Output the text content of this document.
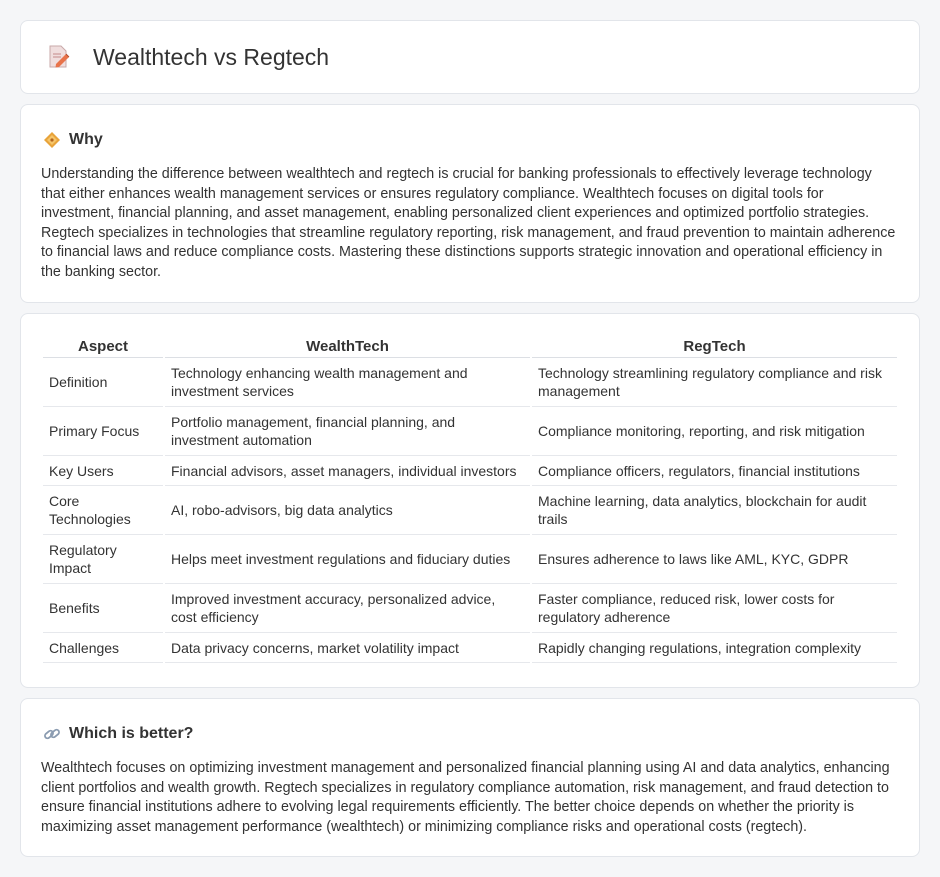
Wealthtech vs Regtech
Why

Understanding the difference between wealthtech and regtech is crucial for banking professionals to effectively leverage technology that either enhances wealth management services or ensures regulatory compliance. Wealthtech focuses on digital tools for investment, financial planning, and asset management, enabling personalized client experiences and optimized portfolio strategies. Regtech specializes in technologies that streamline regulatory reporting, risk management, and fraud prevention to maintain adherence to financial laws and reduce compliance costs. Mastering these distinctions supports strategic innovation and operational efficiency in the banking sector.

Aspect	WealthTech	RegTech
Definition	Technology enhancing wealth management and investment services	Technology streamlining regulatory compliance and risk management
Primary Focus	Portfolio management, financial planning, and investment automation	Compliance monitoring, reporting, and risk mitigation
Key Users	Financial advisors, asset managers, individual investors	Compliance officers, regulators, financial institutions
Core Technologies	AI, robo-advisors, big data analytics	Machine learning, data analytics, blockchain for audit trails
Regulatory Impact	Helps meet investment regulations and fiduciary duties	Ensures adherence to laws like AML, KYC, GDPR
Benefits	Improved investment accuracy, personalized advice, cost efficiency	Faster compliance, reduced risk, lower costs for regulatory adherence
Challenges	Data privacy concerns, market volatility impact	Rapidly changing regulations, integration complexity
Which is better?

Wealthtech focuses on optimizing investment management and personalized financial planning using AI and data analytics, enhancing client portfolios and wealth growth. Regtech specializes in regulatory compliance automation, risk management, and fraud detection to ensure financial institutions adhere to evolving legal requirements efficiently. The better choice depends on whether the priority is maximizing asset management performance (wealthtech) or minimizing compliance risks and operational costs (regtech).
